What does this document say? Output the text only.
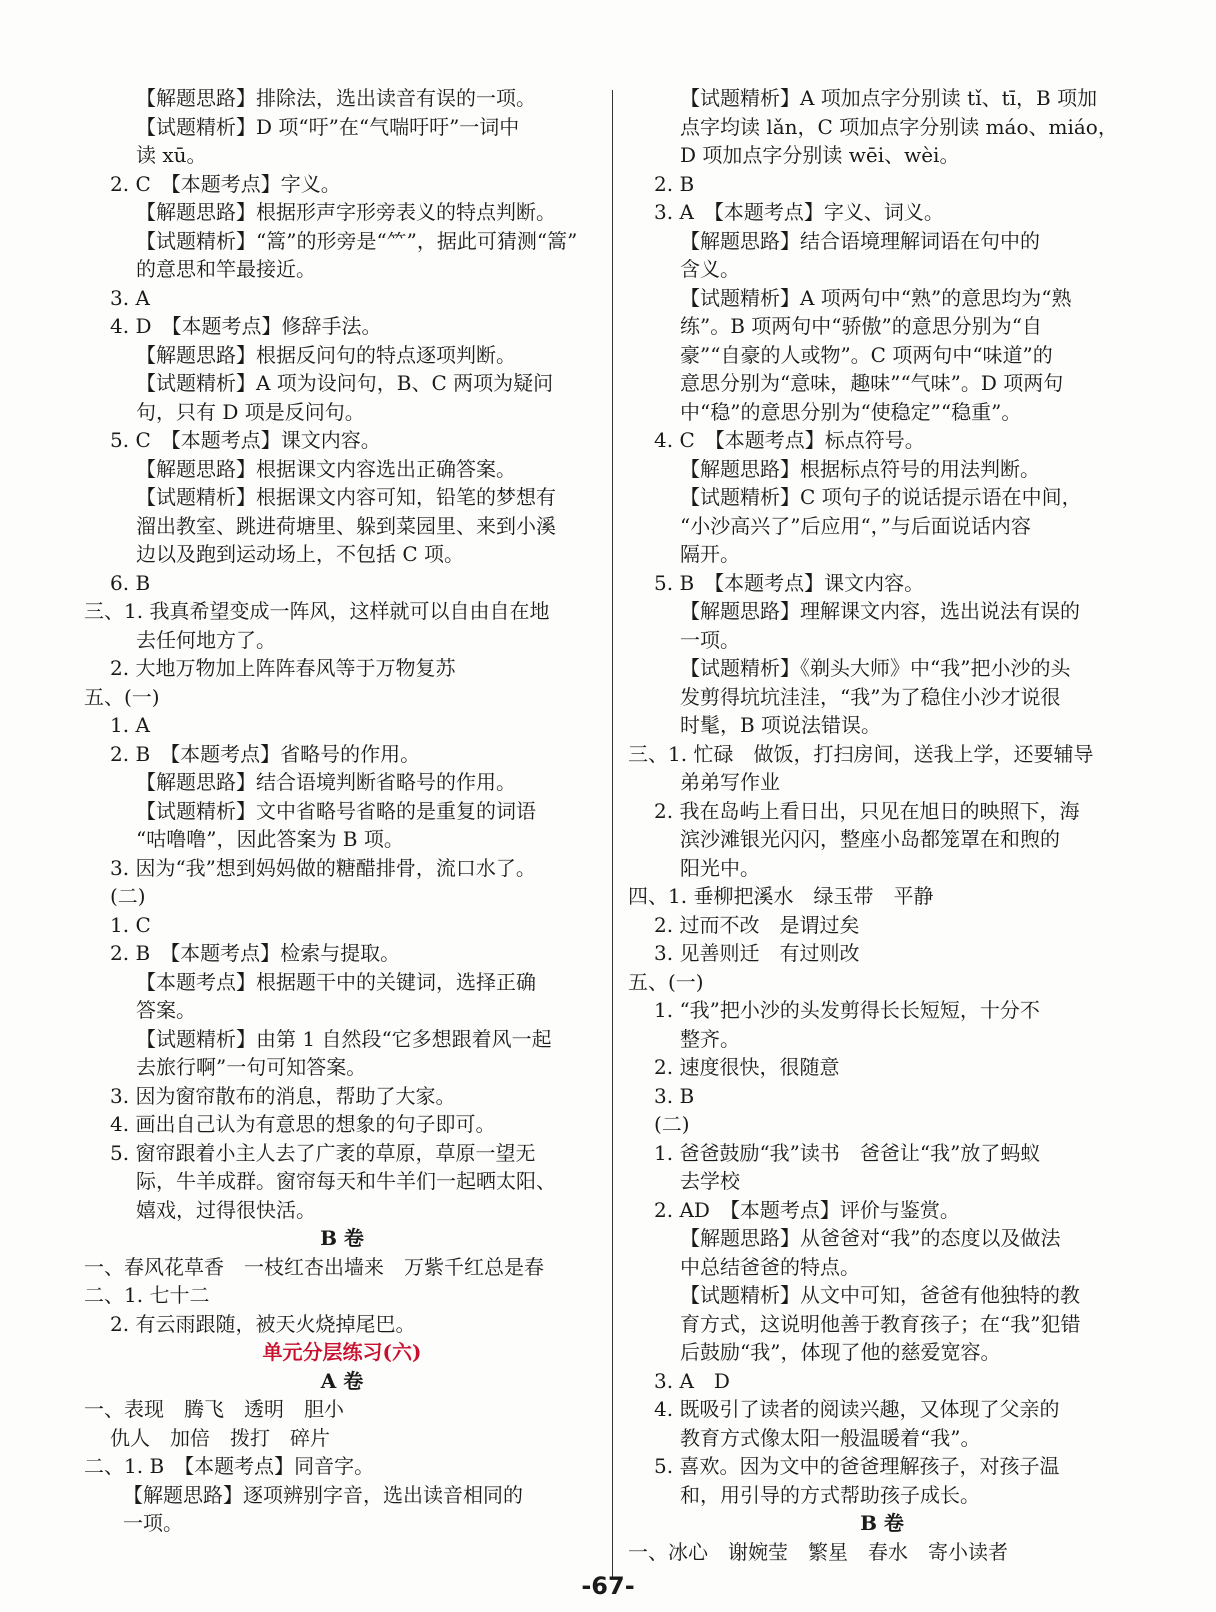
【解题思路】排除法，选出读音有误的一项。
【试题精析】D 项“吁”在“气喘吁吁”一词中
读 xū。
2. C　【本题考点】字义。
【解题思路】根据形声字形旁表义的特点判断。
【试题精析】“篙”的形旁是“⺮”，据此可猜测“篙”
的意思和竿最接近。
3. A
4. D　【本题考点】修辞手法。
【解题思路】根据反问句的特点逐项判断。
【试题精析】A 项为设问句，B、C 两项为疑问
句，只有 D 项是反问句。
5. C　【本题考点】课文内容。
【解题思路】根据课文内容选出正确答案。
【试题精析】根据课文内容可知，铅笔的梦想有
溜出教室、跳进荷塘里、躲到菜园里、来到小溪
边以及跑到运动场上，不包括 C 项。
6. B
三、1. 我真希望变成一阵风，这样就可以自由自在地
去任何地方了。
2. 大地万物加上阵阵春风等于万物复苏
五、(一)
1. A
2. B　【本题考点】省略号的作用。
【解题思路】结合语境判断省略号的作用。
【试题精析】文中省略号省略的是重复的词语
“咕噜噜”，因此答案为 B 项。
3. 因为“我”想到妈妈做的糖醋排骨，流口水了。
(二)
1. C
2. B　【本题考点】检索与提取。
【本题考点】根据题干中的关键词，选择正确
答案。
【试题精析】由第 1 自然段“它多想跟着风一起
去旅行啊”一句可知答案。
3. 因为窗帘散布的消息，帮助了大家。
4. 画出自己认为有意思的想象的句子即可。
5. 窗帘跟着小主人去了广袤的草原，草原一望无
际，牛羊成群。窗帘每天和牛羊们一起晒太阳、
嬉戏，过得很快活。
B 卷
一、春风花草香　一枝红杏出墙来　万紫千红总是春
二、1. 七十二
2. 有云雨跟随，被天火烧掉尾巴。
单元分层练习(六)
A 卷
一、表现　腾飞　透明　胆小
仇人　加倍　拨打　碎片
二、1. B　【本题考点】同音字。
【解题思路】逐项辨别字音，选出读音相同的
一项。
【试题精析】A 项加点字分别读 tǐ、tī，B 项加
点字均读 lǎn，C 项加点字分别读 máo、miáo，
D 项加点字分别读 wēi、wèi。
2. B
3. A　【本题考点】字义、词义。
【解题思路】结合语境理解词语在句中的
含义。
【试题精析】A 项两句中“熟”的意思均为“熟
练”。B 项两句中“骄傲”的意思分别为“自
豪”“自豪的人或物”。C 项两句中“味道”的
意思分别为“意味，趣味”“气味”。D 项两句
中“稳”的意思分别为“使稳定”“稳重”。
4. C　【本题考点】标点符号。
【解题思路】根据标点符号的用法判断。
【试题精析】C 项句子的说话提示语在中间，
“小沙高兴了”后应用“，”与后面说话内容
隔开。
5. B　【本题考点】课文内容。
【解题思路】理解课文内容，选出说法有误的
一项。
【试题精析】《剃头大师》中“我”把小沙的头
发剪得坑坑洼洼，“我”为了稳住小沙才说很
时髦，B 项说法错误。
三、1. 忙碌　做饭，打扫房间，送我上学，还要辅导
弟弟写作业
2. 我在岛屿上看日出，只见在旭日的映照下，海
滨沙滩银光闪闪，整座小岛都笼罩在和煦的
阳光中。
四、1. 垂柳把溪水　绿玉带　平静
2. 过而不改　是谓过矣
3. 见善则迁　有过则改
五、(一)
1. “我”把小沙的头发剪得长长短短，十分不
整齐。
2. 速度很快，很随意
3. B
(二)
1. 爸爸鼓励“我”读书　爸爸让“我”放了蚂蚁
去学校
2. AD　【本题考点】评价与鉴赏。
【解题思路】从爸爸对“我”的态度以及做法
中总结爸爸的特点。
【试题精析】从文中可知，爸爸有他独特的教
育方式，这说明他善于教育孩子；在“我”犯错
后鼓励“我”，体现了他的慈爱宽容。
3. A　D
4. 既吸引了读者的阅读兴趣，又体现了父亲的
教育方式像太阳一般温暖着“我”。
5. 喜欢。因为文中的爸爸理解孩子，对孩子温
和，用引导的方式帮助孩子成长。
B 卷
一、冰心　谢婉莹　繁星　春水　寄小读者
-67-
